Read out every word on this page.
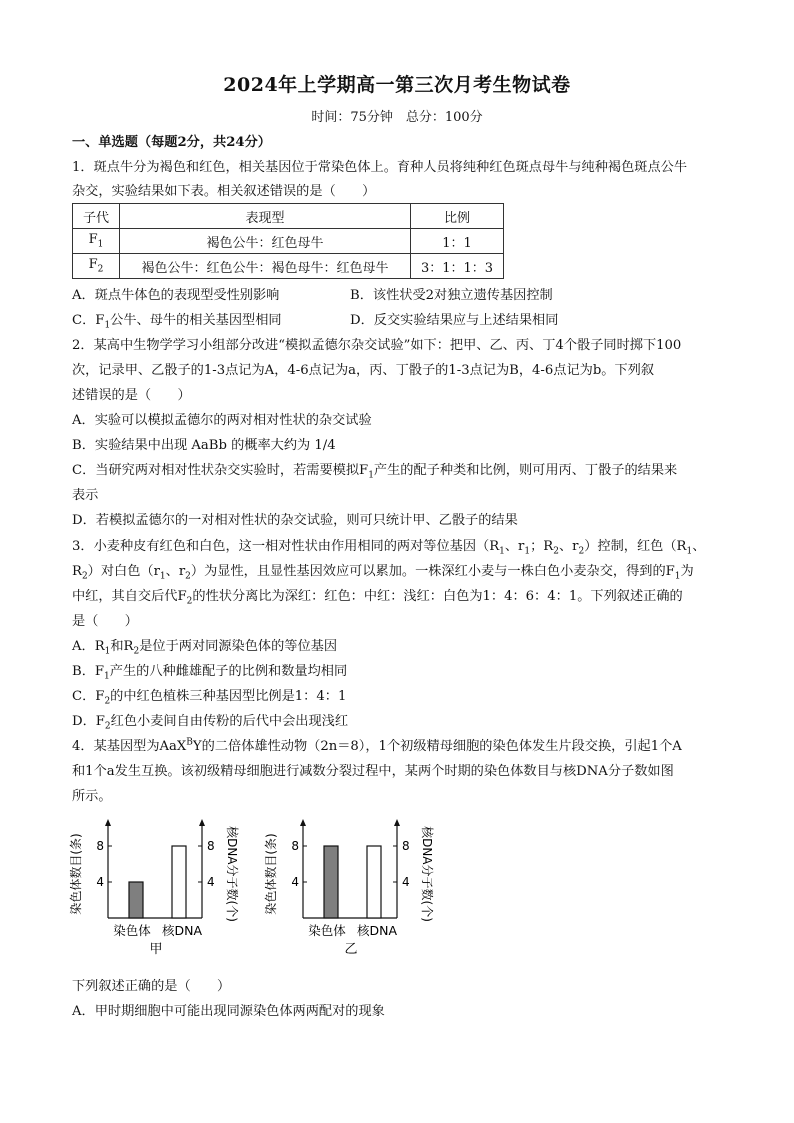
2024年上学期高一第三次月考生物试卷
时间：75分钟　总分：100分
一、单选题（每题2分，共24分）
1．斑点牛分为褐色和红色，相关基因位于常染色体上。育种人员将纯种红色斑点母牛与纯种褐色斑点公牛
杂交，实验结果如下表。相关叙述错误的是（　　）
子代	表现型	比例
$F_1$	褐色公牛：红色母牛	1：1
$F_2$	褐色公牛：红色公牛：褐色母牛：红色母牛	3：1：1：3
A．斑点牛体色的表现型受性别影响	B．该性状受2对独立遗传基因控制
C．$F_1$公牛、母牛的相关基因型相同	D．反交实验结果应与上述结果相同
2．某高中生物学学习小组部分改进“模拟孟德尔杂交试验”如下：把甲、乙、丙、丁4个骰子同时掷下100
次，记录甲、乙骰子的1-3点记为A，4-6点记为a，丙、丁骰子的1-3点记为B，4-6点记为b。下列叙
述错误的是（　　）
A．实验可以模拟孟德尔的两对相对性状的杂交试验
B．实验结果中出现 AaBb 的概率大约为 1/4
C．当研究两对相对性状杂交实验时，若需要模拟$F_1$产生的配子种类和比例，则可用丙、丁骰子的结果来
表示
D．若模拟孟德尔的一对相对性状的杂交试验，则可只统计甲、乙骰子的结果
3．小麦种皮有红色和白色，这一相对性状由作用相同的两对等位基因（$R_1$、$r_1$；$R_2$、$r_2$）控制，红色（$R_1$、
$R_2$）对白色（$r_1$、$r_2$）为显性，且显性基因效应可以累加。一株深红小麦与一株白色小麦杂交，得到的$F_1$为
中红，其自交后代$F_2$的性状分离比为深红：红色：中红：浅红：白色为1：4：6：4：1。下列叙述正确的
是（　　）
A．$R_1$和$R_2$是位于两对同源染色体的等位基因
B．$F_1$产生的八种雌雄配子的比例和数量均相同
C．$F_2$的中红色植株三种基因型比例是1：4：1
D．$F_2$红色小麦间自由传粉的后代中会出现浅红
4．某基因型为AaX$^B$Y的二倍体雄性动物（2n＝8），1个初级精母细胞的染色体发生片段交换，引起1个A
和1个a发生互换。该初级精母细胞进行减数分裂过程中，某两个时期的染色体数目与核DNA分子数如图
所示。
4	4
8	8
染色体 核DNA
甲
染色体数目(条)	核DNA分子数(个)	4	4
8	8
染色体 核DNA
乙
染色体数目(条)	核DNA分子数(个)
下列叙述正确的是（　　）
A．甲时期细胞中可能出现同源染色体两两配对的现象
